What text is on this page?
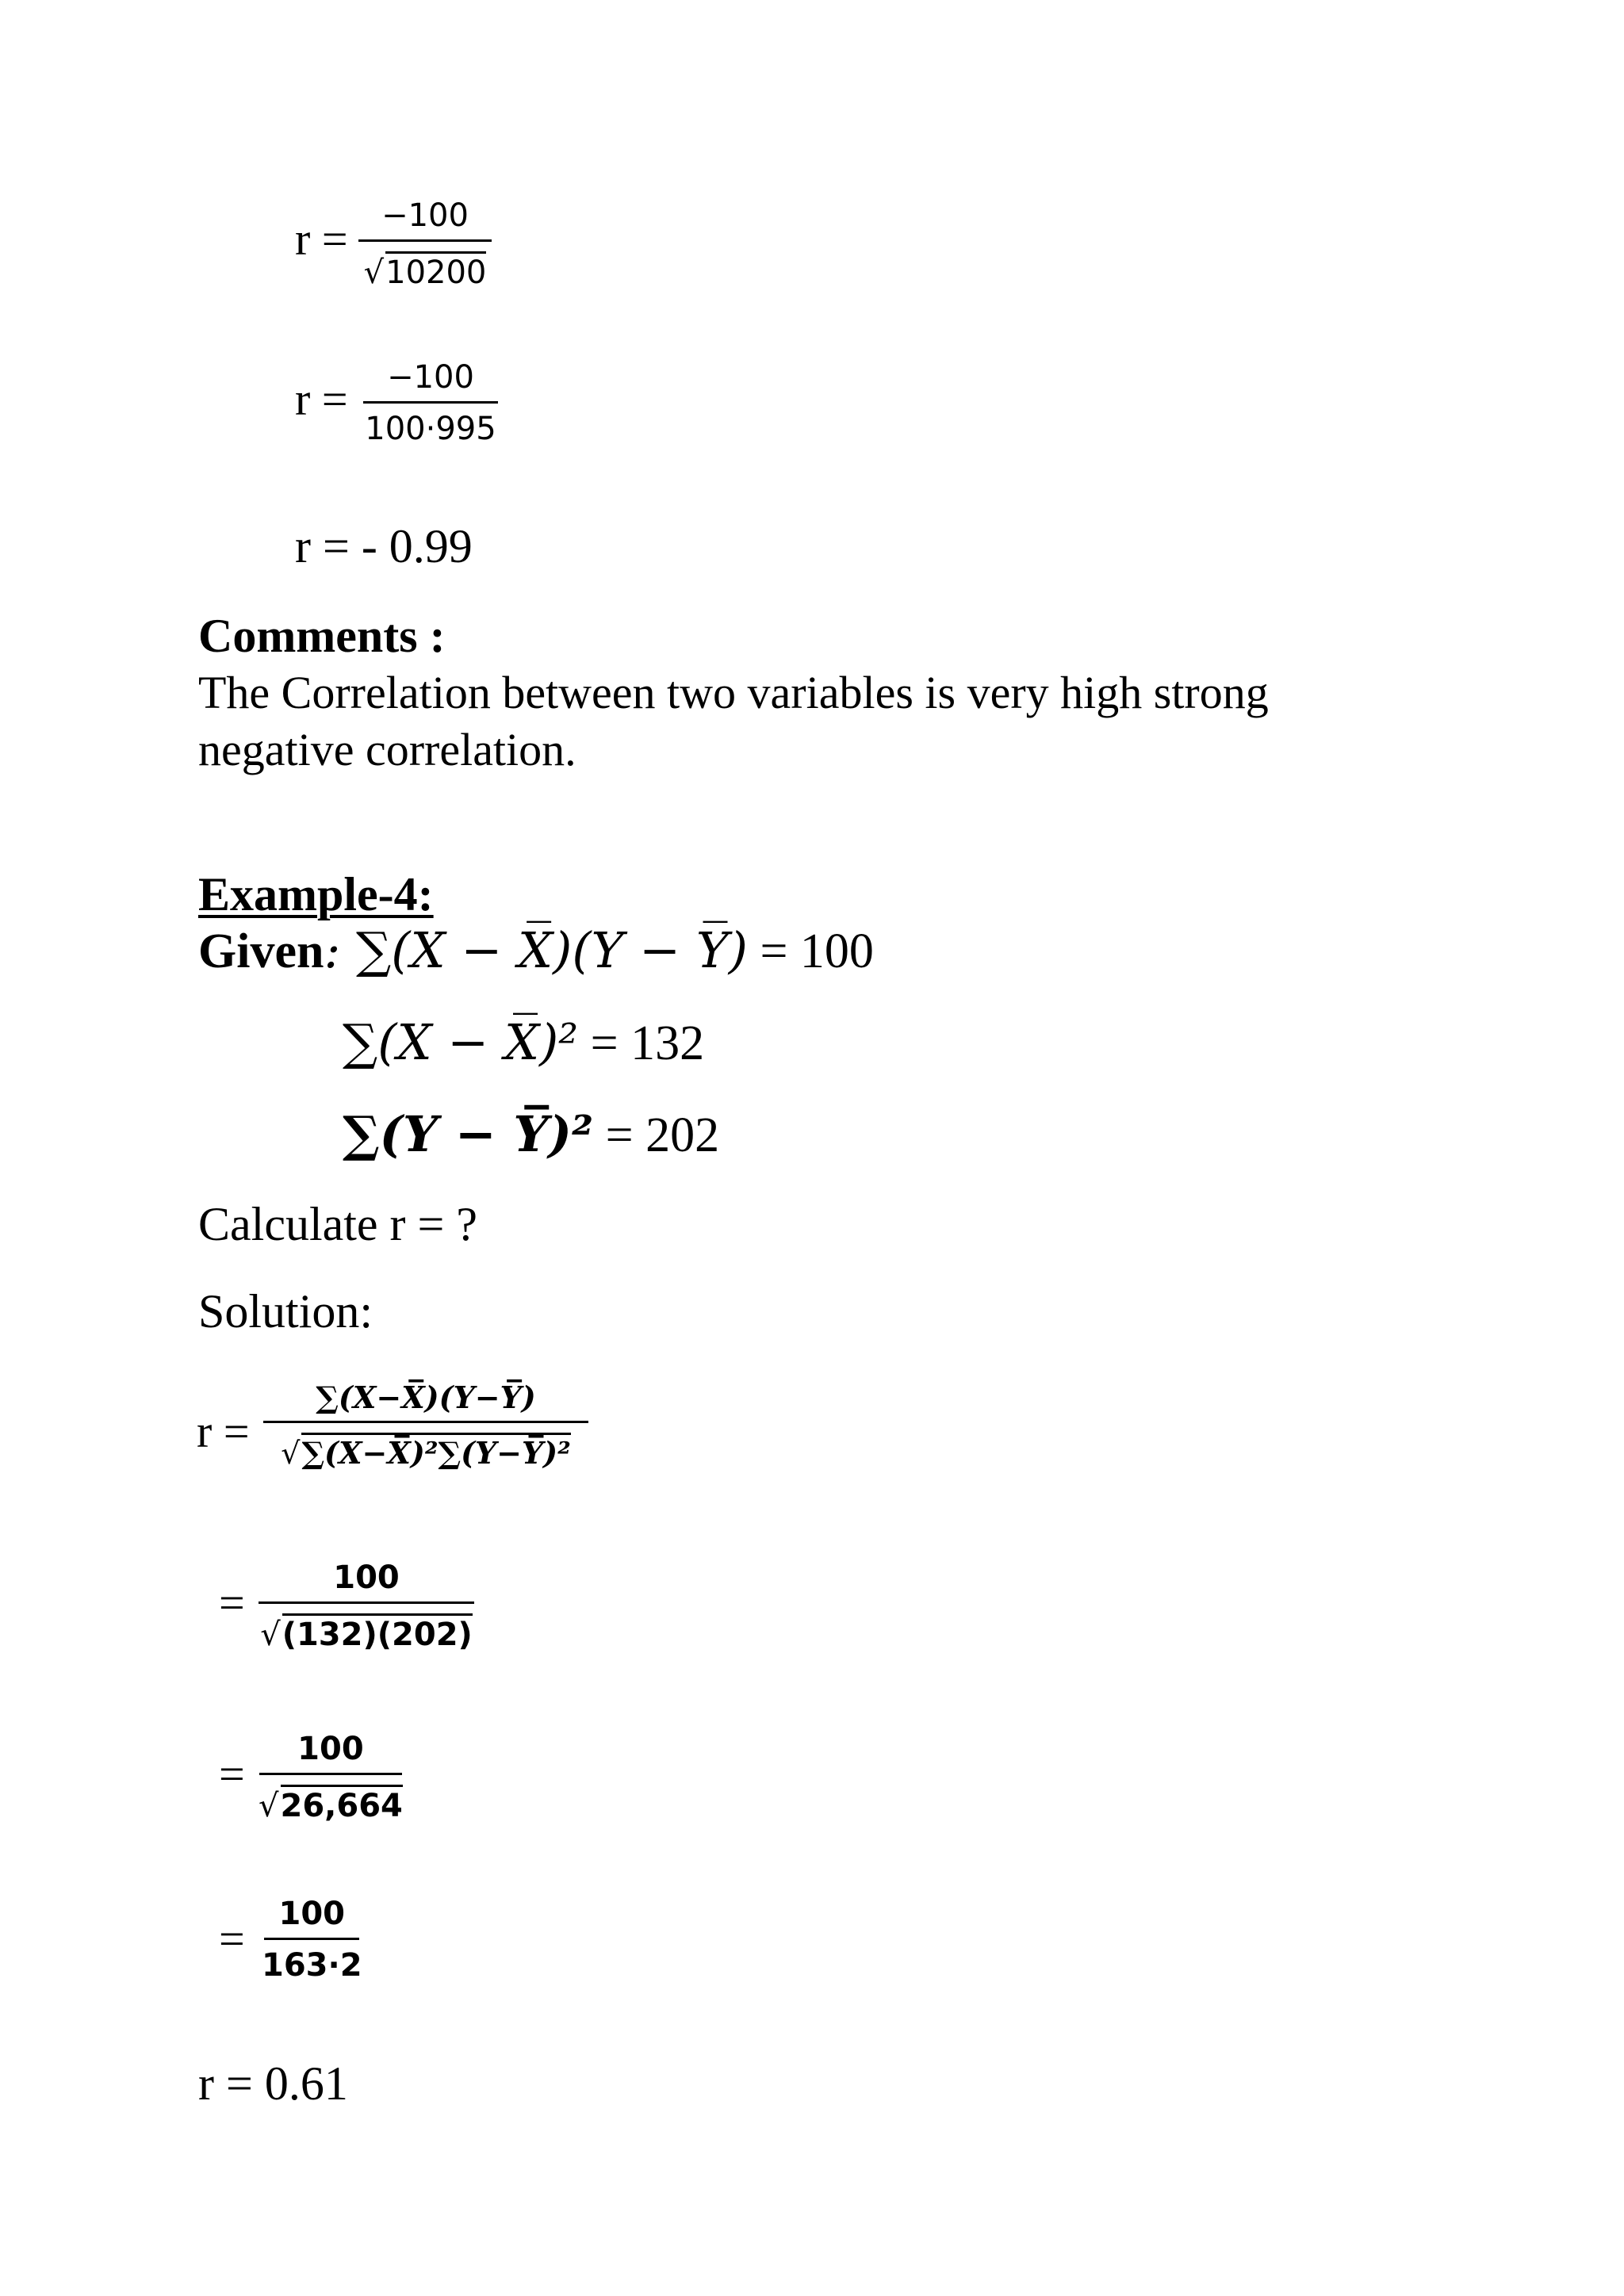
r = −100
√ 10200
r = −100
100·995
r = - 0.99
Comments :
The Correlation between two variables is very high strong
negative correlation.
Example-4:
Given: ∑(X − X̅)(Y − Y̅) = 100
∑(X − X̅)² = 132
∑(Y − Y̅)² = 202
Calculate r = ?
Solution:
r =
∑(X−X̅)(Y−Y̅)
√ ∑(X−X̅)²∑(Y−Y̅)²
=	100
√ (132)(202)
= 100
√ 26,664
= 100
163·2
r = 0.61
